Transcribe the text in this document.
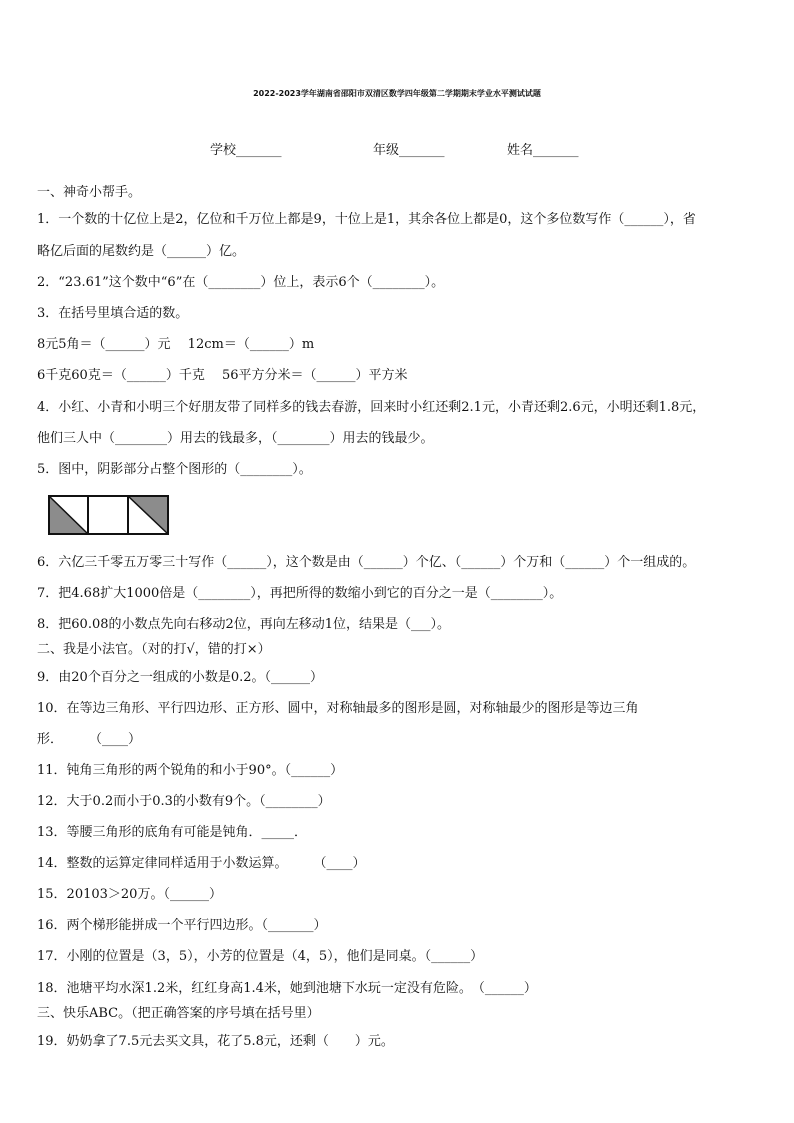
2022-2023学年湖南省邵阳市双清区数学四年级第二学期期末学业水平测试试题
学校_______	年级_______	姓名_______
一、神奇小帮手。
1．一个数的十亿位上是2，亿位和千万位上都是9，十位上是1，其余各位上都是0，这个多位数写作（______），省
略亿后面的尾数约是（______）亿。
2．“23.61”这个数中“6”在（________）位上，表示6个（________）。
3．在括号里填合适的数。
8元5角＝（______）元　 12cm＝（______）m
6千克60克＝（______）千克　 56平方分米＝（______）平方米
4．小红、小青和小明三个好朋友带了同样多的钱去春游，回来时小红还剩2.1元，小青还剩2.6元，小明还剩1.8元，
他们三人中（________）用去的钱最多，（________）用去的钱最少。
5．图中，阴影部分占整个图形的（________）。
6．六亿三千零五万零三十写作（______），这个数是由（______）个亿、（______）个万和（______）个一组成的。
7．把4.68扩大1000倍是（________），再把所得的数缩小到它的百分之一是（________）。
8．把60.08的小数点先向右移动2位，再向左移动1位，结果是（___）。
二、我是小法官。（对的打√，错的打×）
9．由20个百分之一组成的小数是0.2。（______）
10．在等边三角形、平行四边形、正方形、圆中，对称轴最多的图形是圆，对称轴最少的图形是等边三角
形．　　　（____）
11．钝角三角形的两个锐角的和小于90°。（______）
12．大于0.2而小于0.3的小数有9个。（________）
13．等腰三角形的底角有可能是钝角．_____．
14．整数的运算定律同样适用于小数运算。　　　（____）
15．20103＞20万。（______）
16．两个梯形能拼成一个平行四边形。（_______）
17．小刚的位置是（3，5），小芳的位置是（4，5），他们是同桌。（______）
18．池塘平均水深1.2米，红红身高1.4米，她到池塘下水玩一定没有危险。　（______）
三、快乐ABC。（把正确答案的序号填在括号里）
19．奶奶拿了7.5元去买文具，花了5.8元，还剩（　　）元。
